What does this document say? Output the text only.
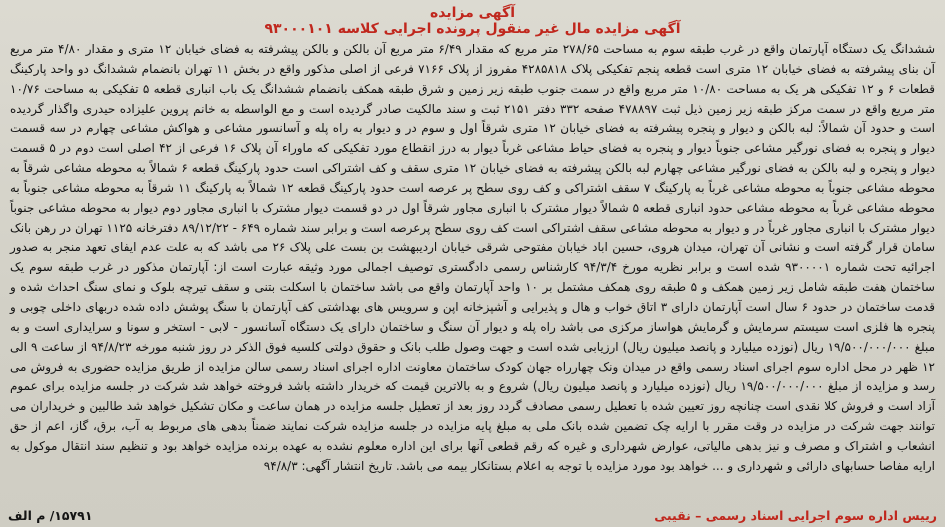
آگهی مزایده
آگهی مزایده مال غیر منقول پرونده اجرایی کلاسه ۹۳۰۰۰۱۰۱
ششدانگ یک دستگاه آپارتمان واقع در غرب طبقه سوم به مساحت ۲۷۸/۶۵ متر مربع که مقدار ۶/۴۹ متر مربع آن بالکن و بالکن پیشرفته به فضای خیابان ۱۲ متری و مقدار ۴/۸۰ متر مربع آن بنای پیشرفته به فضای خیابان ۱۲ متری است قطعه پنجم تفکیکی پلاک ۴۲۸۵۸۱۸ مفروز از پلاک ۷۱۶۶ فرعی از اصلی مذکور واقع در بخش ۱۱ تهران بانضمام ششدانگ دو واحد پارکینگ قطعات ۶ و ۱۲ تفکیکی هر یک به مساحت ۱۰/۸۰ متر مربع واقع در سمت جنوب طبقه زیر زمین و شرق طبقه همکف بانضمام ششدانگ یک باب انباری قطعه ۵ تفکیکی به مساحت ۱۰/۷۶ متر مربع واقع در سمت مرکز طبقه زیر زمین ذیل ثبت ۴۷۸۸۹۷ صفحه ۳۳۲ دفتر ۲۱۵۱ ثبت و سند مالکیت صادر گردیده است و مع الواسطه به خانم پروین علیزاده حیدری واگذار گردیده است و حدود آن شمالاً: لبه بالکن و دیوار و پنجره پیشرفته به فضای خیابان ۱۲ متری شرقاً اول و سوم در و دیوار به راه پله و آسانسور مشاعی و هواکش مشاعی چهارم در سه قسمت دیوار و پنجره به فضای نورگیر مشاعی جنوباً دیوار و پنجره به فضای حیاط مشاعی غرباً دیوار به درز انقطاع مورد تفکیکی که ماوراء آن پلاک ۱۶ فرعی از ۴۲ اصلی است دوم در ۵ قسمت دیوار و پنجره و لبه بالکن به فضای نورگیر مشاعی چهارم لبه بالکن پیشرفته به فضای خیابان ۱۲ متری سقف و کف اشتراکی است حدود پارکینگ قطعه ۶ شمالاً به محوطه مشاعی شرقاً به محوطه مشاعی جنوباً به محوطه مشاعی غرباً به پارکینگ ۷ سقف اشتراکی و کف روی سطح پر عرصه است حدود پارکینگ قطعه ۱۲ شمالاً به پارکینگ ۱۱ شرقاً به محوطه مشاعی جنوباً به محوطه مشاعی غرباً به محوطه مشاعی حدود انباری قطعه ۵ شمالاً دیوار مشترک با انباری مجاور شرقاً اول در دو قسمت دیوار مشترک با انباری مجاور دوم دیوار به محوطه مشاعی جنوباً دیوار مشترک با انباری مجاور غرباً در و دیوار به محوطه مشاعی سقف اشتراکی است کف روی سطح پرعرصه است و برابر سند شماره ۶۴۹ - ۸۹/۱۲/۲۲ دفترخانه ۱۱۲۵ تهران در رهن بانک سامان قرار گرفته است و نشانی آن تهران، میدان هروی، حسین اباد خیابان مفتوحی شرقی خیابان اردیبهشت بن بست علی پلاک ۲۶ می باشد که به علت عدم ایفای تعهد منجر به صدور اجرائیه تحت شماره ۹۳۰۰۰۰۱ شده است و برابر نظریه مورخ ۹۴/۳/۴ کارشناس رسمی دادگستری توصیف اجمالی مورد وثیقه عبارت است از: آپارتمان مذکور در غرب طبقه سوم یک ساختمان هفت طبقه شامل زیر زمین همکف و ۵ طبقه روی همکف مشتمل بر ۱۰ واحد آپارتمان واقع می باشد ساختمان با اسکلت بتنی و سقف تیرچه بلوک و نمای سنگ احداث شده و قدمت ساختمان در حدود ۶ سال است آپارتمان دارای ۳ اتاق خواب و هال و پذیرایی و آشپزخانه اپن و سرویس های بهداشتی کف آپارتمان با سنگ پوشش داده شده دربهای داخلی چوبی و پنجره ها فلزی است سیستم سرمایش و گرمایش هواساز مرکزی می باشد راه پله و دیوار آن سنگ و ساختمان دارای یک دستگاه آسانسور - لابی - استخر و سونا و سرایداری است و به مبلغ ۱۹/۵۰۰/۰۰۰/۰۰۰ ریال (نوزده میلیارد و پانصد میلیون ریال) ارزیابی شده است و جهت وصول طلب بانک و حقوق دولتی کلسیه فوق الذکر در روز شنبه مورخه ۹۴/۸/۲۳ از ساعت ۹ الی ۱۲ ظهر در محل اداره سوم اجرای اسناد رسمی واقع در میدان ونک چهارراه جهان کودک ساختمان معاونت اداره اجرای اسناد رسمی سالن مزایده از طریق مزایده حضوری به فروش می رسد و مزایده از مبلغ ۱۹/۵۰۰/۰۰۰/۰۰۰ ریال (نوزده میلیارد و پانصد میلیون ریال) شروع و به بالاترین قیمت که خریدار داشته باشد فروخته خواهد شد شرکت در جلسه مزایده برای عموم آزاد است و فروش کلا نقدی است چنانچه روز تعیین شده با تعطیل رسمی مصادف گردد روز بعد از تعطیل جلسه مزایده در همان ساعت و مکان تشکیل خواهد شد طالبین و خریداران می توانند جهت شرکت در مزایده در وقت مقرر با ارایه چک تضمین شده بانک ملی به مبلغ پایه مزایده در جلسه مزایده شرکت نمایند ضمناً بدهی های مربوط به آب، برق، گاز، اعم از حق انشعاب و اشتراک و مصرف و نیز بدهی مالیاتی، عوارض شهرداری و غیره که رقم قطعی آنها برای این اداره معلوم نشده به عهده برنده مزایده خواهد بود و تنظیم سند انتقال موکول به ارایه مفاصا حسابهای دارائی و شهرداری و ... خواهد بود مورد مزایده با توجه به اعلام بستانکار بیمه می باشد. تاریخ انتشار آگهی: ۹۴/۸/۳
رییس اداره سوم اجرایی اسناد رسمی – نقیبی
۱۵۷۹۱/ م الف
